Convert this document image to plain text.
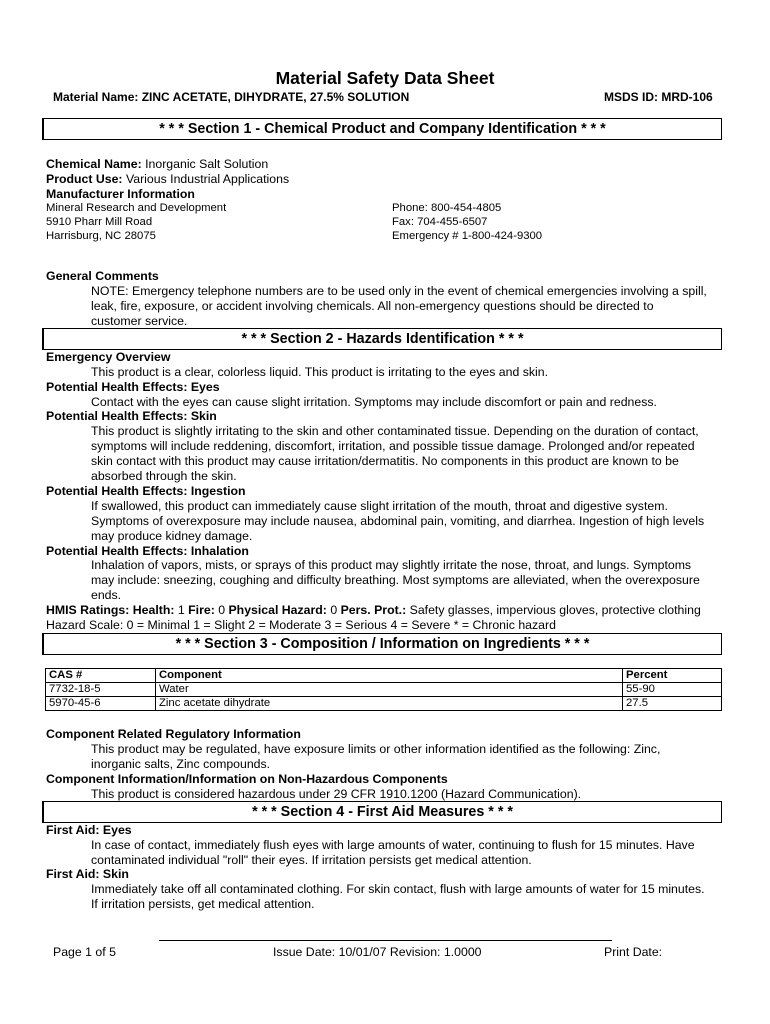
Material Safety Data Sheet
Material Name: ZINC ACETATE, DIHYDRATE, 27.5% SOLUTION	MSDS ID: MRD-106
* * * Section 1 - Chemical Product and Company Identification * * *
Chemical Name: Inorganic Salt Solution
Product Use: Various Industrial Applications
Manufacturer Information
Mineral Research and Development
5910 Pharr Mill Road
Harrisburg, NC 28075
Phone: 800-454-4805
Fax: 704-455-6507
Emergency # 1-800-424-9300
General Comments
NOTE: Emergency telephone numbers are to be used only in the event of chemical emergencies involving a spill,
leak, fire, exposure, or accident involving chemicals. All non-emergency questions should be directed to
customer service.
* * * Section 2 - Hazards Identification * * *
Emergency Overview
This product is a clear, colorless liquid. This product is irritating to the eyes and skin.
Potential Health Effects: Eyes
Contact with the eyes can cause slight irritation. Symptoms may include discomfort or pain and redness.
Potential Health Effects: Skin
This product is slightly irritating to the skin and other contaminated tissue. Depending on the duration of contact,
symptoms will include reddening, discomfort, irritation, and possible tissue damage. Prolonged and/or repeated
skin contact with this product may cause irritation/dermatitis. No components in this product are known to be
absorbed through the skin.
Potential Health Effects: Ingestion
If swallowed, this product can immediately cause slight irritation of the mouth, throat and digestive system.
Symptoms of overexposure may include nausea, abdominal pain, vomiting, and diarrhea. Ingestion of high levels
may produce kidney damage.
Potential Health Effects: Inhalation
Inhalation of vapors, mists, or sprays of this product may slightly irritate the nose, throat, and lungs. Symptoms
may include: sneezing, coughing and difficulty breathing. Most symptoms are alleviated, when the overexposure
ends.
HMIS Ratings: Health: 1 Fire: 0 Physical Hazard: 0 Pers. Prot.: Safety glasses, impervious gloves, protective clothing
Hazard Scale: 0 = Minimal 1 = Slight 2 = Moderate 3 = Serious 4 = Severe * = Chronic hazard
* * * Section 3 - Composition / Information on Ingredients * * *
CAS #	Component	Percent
7732-18-5	Water	55-90
5970-45-6	Zinc acetate dihydrate	27.5
Component Related Regulatory Information
This product may be regulated, have exposure limits or other information identified as the following: Zinc,
inorganic salts, Zinc compounds.
Component Information/Information on Non-Hazardous Components
This product is considered hazardous under 29 CFR 1910.1200 (Hazard Communication).
* * * Section 4 - First Aid Measures * * *
First Aid: Eyes
In case of contact, immediately flush eyes with large amounts of water, continuing to flush for 15 minutes. Have
contaminated individual "roll" their eyes. If irritation persists get medical attention.
First Aid: Skin
Immediately take off all contaminated clothing. For skin contact, flush with large amounts of water for 15 minutes.
If irritation persists, get medical attention.
Page 1 of 5	Issue Date: 10/01/07 Revision: 1.0000	Print Date:
